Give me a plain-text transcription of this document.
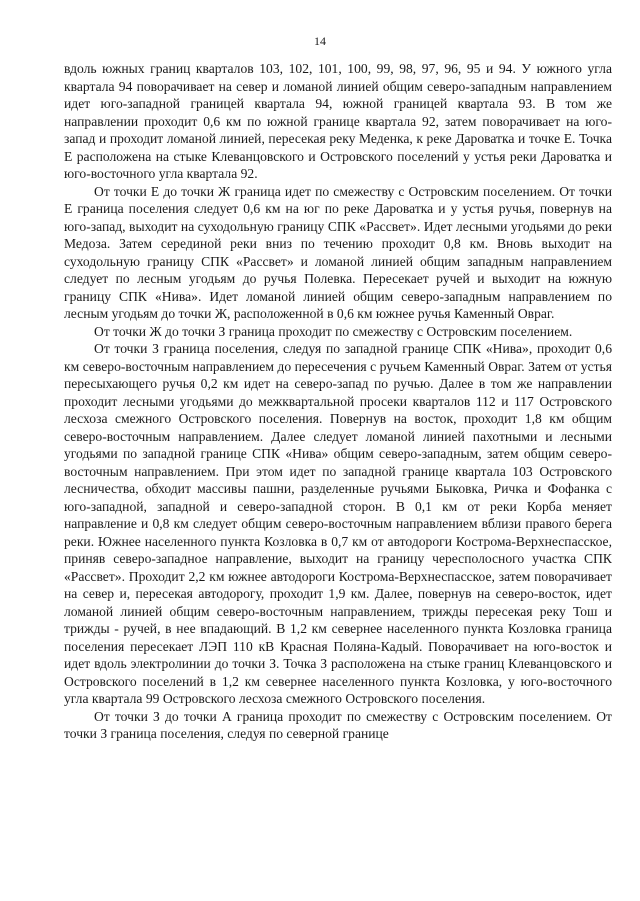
14

вдоль южных границ кварталов 103, 102, 101, 100, 99, 98, 97, 96, 95 и 94. У южного угла квартала 94 поворачивает на север и ломаной линией общим северо-западным направлением идет юго-западной границей квартала 94, южной границей квартала 93. В том же направлении проходит 0,6 км по южной границе квартала 92, затем поворачивает на юго-запад и проходит ломаной линией, пересекая реку Меденка, к реке Дароватка и точке Е. Точка Е расположена на стыке Клеванцовского и Островского поселений у устья реки Дароватка и юго-восточного угла квартала 92.

От точки Е до точки Ж граница идет по смежеству с Островским поселением. От точки Е граница поселения следует 0,6 км на юг по реке Дароватка и у устья ручья, повернув на юго-запад, выходит на суходольную границу СПК «Рассвет». Идет лесными угодьями до реки Медоза. Затем серединой реки вниз по течению проходит 0,8 км. Вновь выходит на суходольную границу СПК «Рассвет» и ломаной линией общим западным направлением следует по лесным угодьям до ручья Полевка. Пересекает ручей и выходит на южную границу СПК «Нива». Идет ломаной линией общим северо-западным направлением по лесным угодьям до точки Ж, расположенной в 0,6 км южнее ручья Каменный Овраг.

От точки Ж до точки З граница проходит по смежеству с Островским поселением.

От точки З граница поселения, следуя по западной границе СПК «Нива», проходит 0,6 км северо-восточным направлением до пересечения с ручьем Каменный Овраг. Затем от устья пересыхающего ручья 0,2 км идет на северо-запад по ручью. Далее в том же направлении проходит лесными угодьями до межквартальной просеки кварталов 112 и 117 Островского лесхоза смежного Островского поселения. Повернув на восток, проходит 1,8 км общим северо-восточным направлением. Далее следует ломаной линией пахотными и лесными угодьями по западной границе СПК «Нива» общим северо-западным, затем общим северо-восточным направлением. При этом идет по западной границе квартала 103 Островского лесничества, обходит массивы пашни, разделенные ручьями Быковка, Ричка и Фофанка с юго-западной, западной и северо-западной сторон. В 0,1 км от реки Корба меняет направление и 0,8 км следует общим северо-восточным направлением вблизи правого берега реки. Южнее населенного пункта Козловка в 0,7 км от автодороги Кострома-Верхнеспасское, приняв северо-западное направление, выходит на границу чересполосного участка СПК «Рассвет». Проходит 2,2 км южнее автодороги Кострома-Верхнеспасское, затем поворачивает на север и, пересекая автодорогу, проходит 1,9 км. Далее, повернув на северо-восток, идет ломаной линией общим северо-восточным направлением, трижды пересекая реку Тош и трижды - ручей, в нее впадающий. В 1,2 км севернее населенного пункта Козловка граница поселения пересекает ЛЭП 110 кВ Красная Поляна-Кадый. Поворачивает на юго-восток и идет вдоль электролинии до точки З. Точка З расположена на стыке границ Клеванцовского и Островского поселений в 1,2 км севернее населенного пункта Козловка, у юго-восточного угла квартала 99 Островского лесхоза смежного Островского поселения.

От точки З до точки А граница проходит по смежеству с Островским поселением. От точки З граница поселения, следуя по северной границе
